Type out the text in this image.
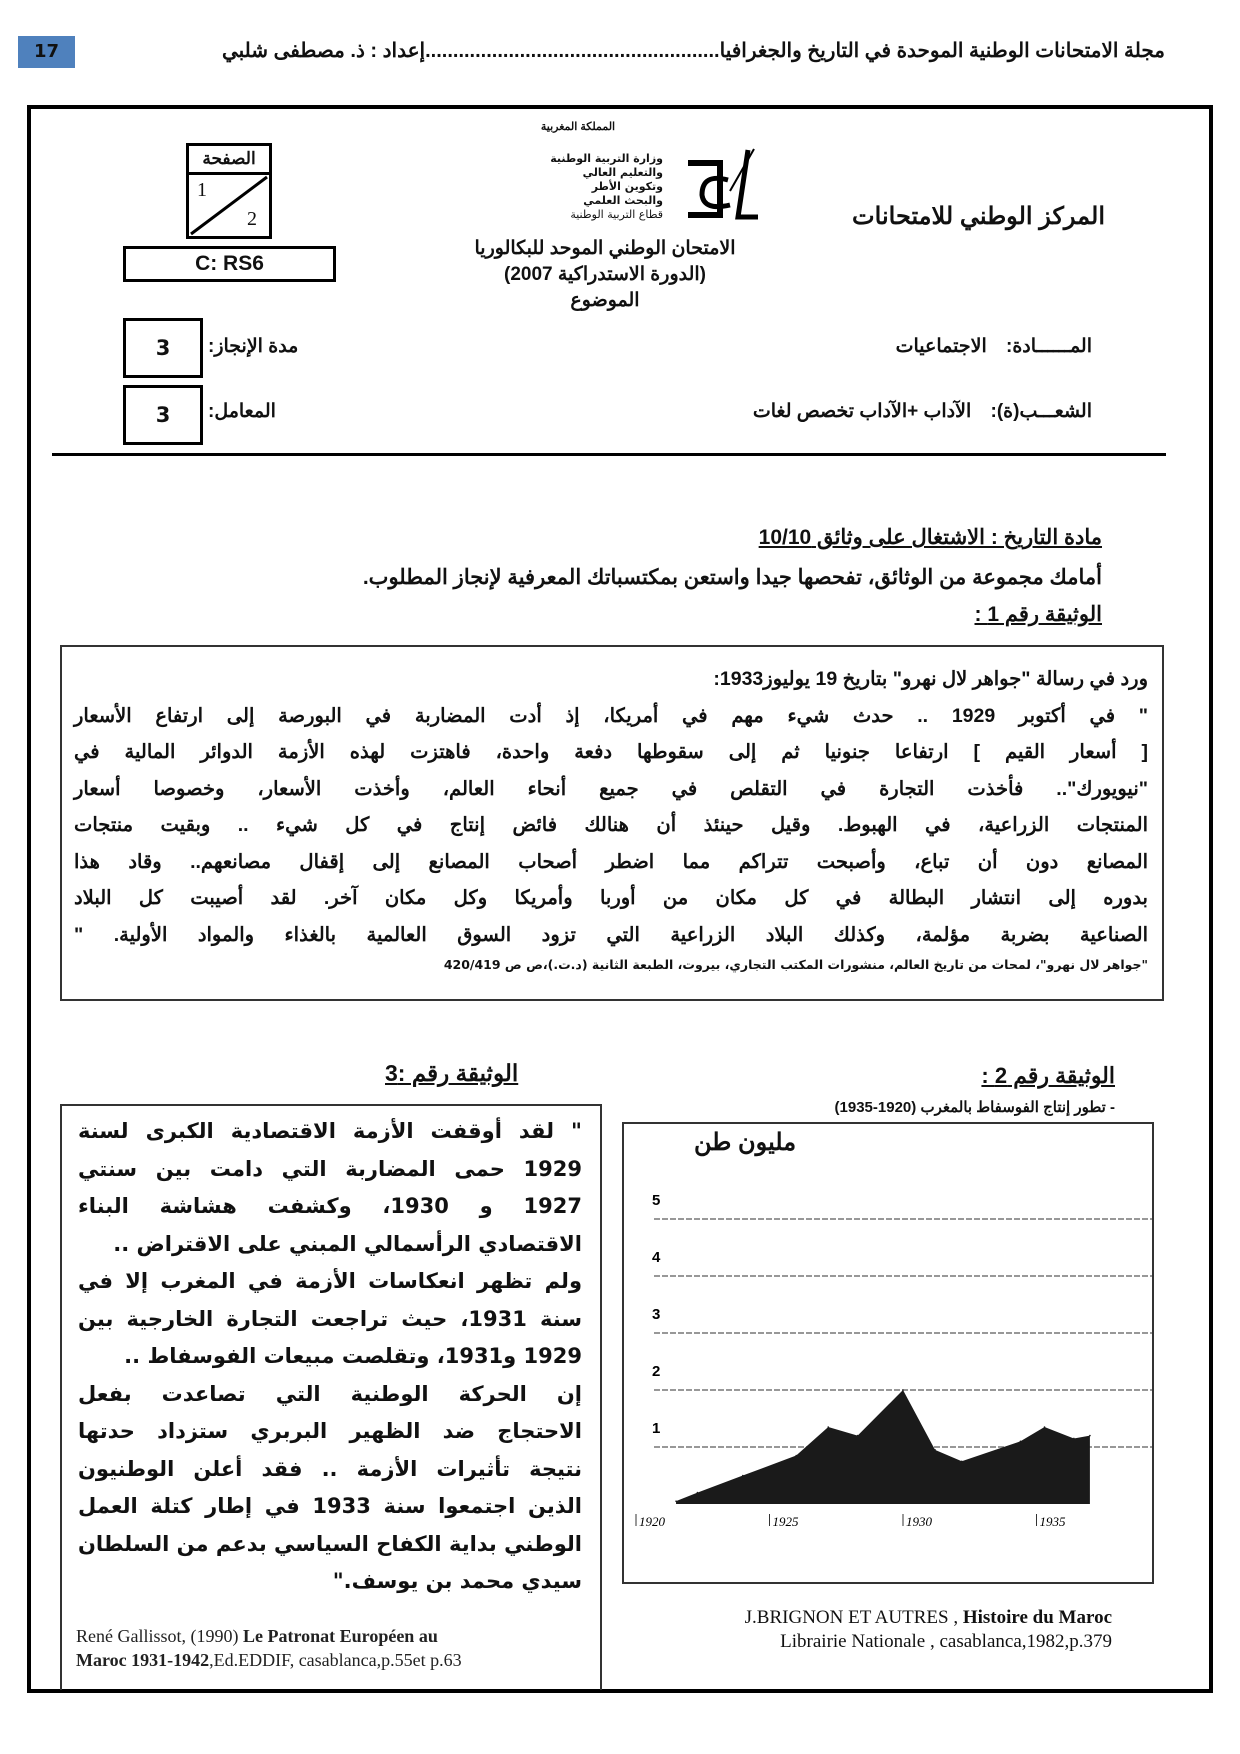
17	مجلة الامتحانات الوطنية الموحدة في التاريخ والجغرافيا.....................................................إعداد : ذ. مصطفى شلبي
المركز الوطني للامتحانات
المملكة المغربية
وزارة التربية الوطنية
والتعليم العالي
وتكوين الأطر
والبحث العلمي
قطاع التربية الوطنية
الامتحان الوطني الموحد للبكالوريا
(الدورة الاستدراكية 2007)
الموضوع
الصفحة
1
2
C: RS6
3	مدة الإنجاز:
3	المعامل:
المــــــادة: الاجتماعيات
الشعـــب(ة): الآداب +الآداب تخصص لغات
مادة التاريخ : الاشتغال على وثائق 10/10
أمامك مجموعة من الوثائق، تفحصها جيدا واستعن بمكتسباتك المعرفية لإنجاز المطلوب.
الوثيقة رقم 1 :
ورد في رسالة "جواهر لال نهرو" بتاريخ 19 يوليوز1933:
" في أكتوبر 1929 .. حدث شيء مهم في أمريكا، إذ أدت المضاربة في البورصة إلى ارتفاع الأسعار
[ أسعار القيم ] ارتفاعا جنونيا ثم إلى سقوطها دفعة واحدة، فاهتزت لهذه الأزمة الدوائر المالية في
"نيويورك".. فأخذت التجارة في التقلص في جميع أنحاء العالم، وأخذت الأسعار، وخصوصا أسعار
المنتجات الزراعية، في الهبوط. وقيل حينئذ أن هنالك فائض إنتاج في كل شيء .. وبقيت منتجات
المصانع دون أن تباع، وأصبحت تتراكم مما اضطر أصحاب المصانع إلى إقفال مصانعهم.. وقاد هذا
بدوره إلى انتشار البطالة في كل مكان من أوربا وأمريكا وكل مكان آخر. لقد أصيبت كل البلاد
الصناعية بضربة مؤلمة، وكذلك البلاد الزراعية التي تزود السوق العالمية بالغذاء والمواد الأولية. "
"جواهر لال نهرو"، لمحات من تاريخ العالم، منشورات المكتب التجاري، بيروت، الطبعة الثانية (د.ت.)،ص ص 420/419
الوثيقة رقم :3	الوثيقة رقم 2 :
- تطور إنتاج الفوسفاط بالمغرب (1920-1935)
" لقد أوقفت الأزمة الاقتصادية الكبرى لسنة
1929 حمى المضاربة التي دامت بين سنتي
1927 و 1930، وكشفت هشاشة البناء
الاقتصادي الرأسمالي المبني على الاقتراض ..
ولم تظهر انعكاسات الأزمة في المغرب إلا في
سنة 1931، حيث تراجعت التجارة الخارجية بين
1929 و1931، وتقلصت مبيعات الفوسفاط ..
إن الحركة الوطنية التي تصاعدت بفعل
الاحتجاج ضد الظهير البربري ستزداد حدتها
نتيجة تأثيرات الأزمة .. فقد أعلن الوطنيون
الذين اجتمعوا سنة 1933 في إطار كتلة العمل
الوطني بداية الكفاح السياسي بدعم من السلطان
سيدي محمد بن يوسف."
René Gallissot, (1990) Le Patronat Européen au
Maroc 1931-1942,Ed.EDDIF, casablanca,p.55et p.63
1
2
3
4
5
1920	1925	1930	1935
مليون طن
J.BRIGNON ET AUTRES , Histoire du Maroc
Librairie Nationale , casablanca,1982,p.379
